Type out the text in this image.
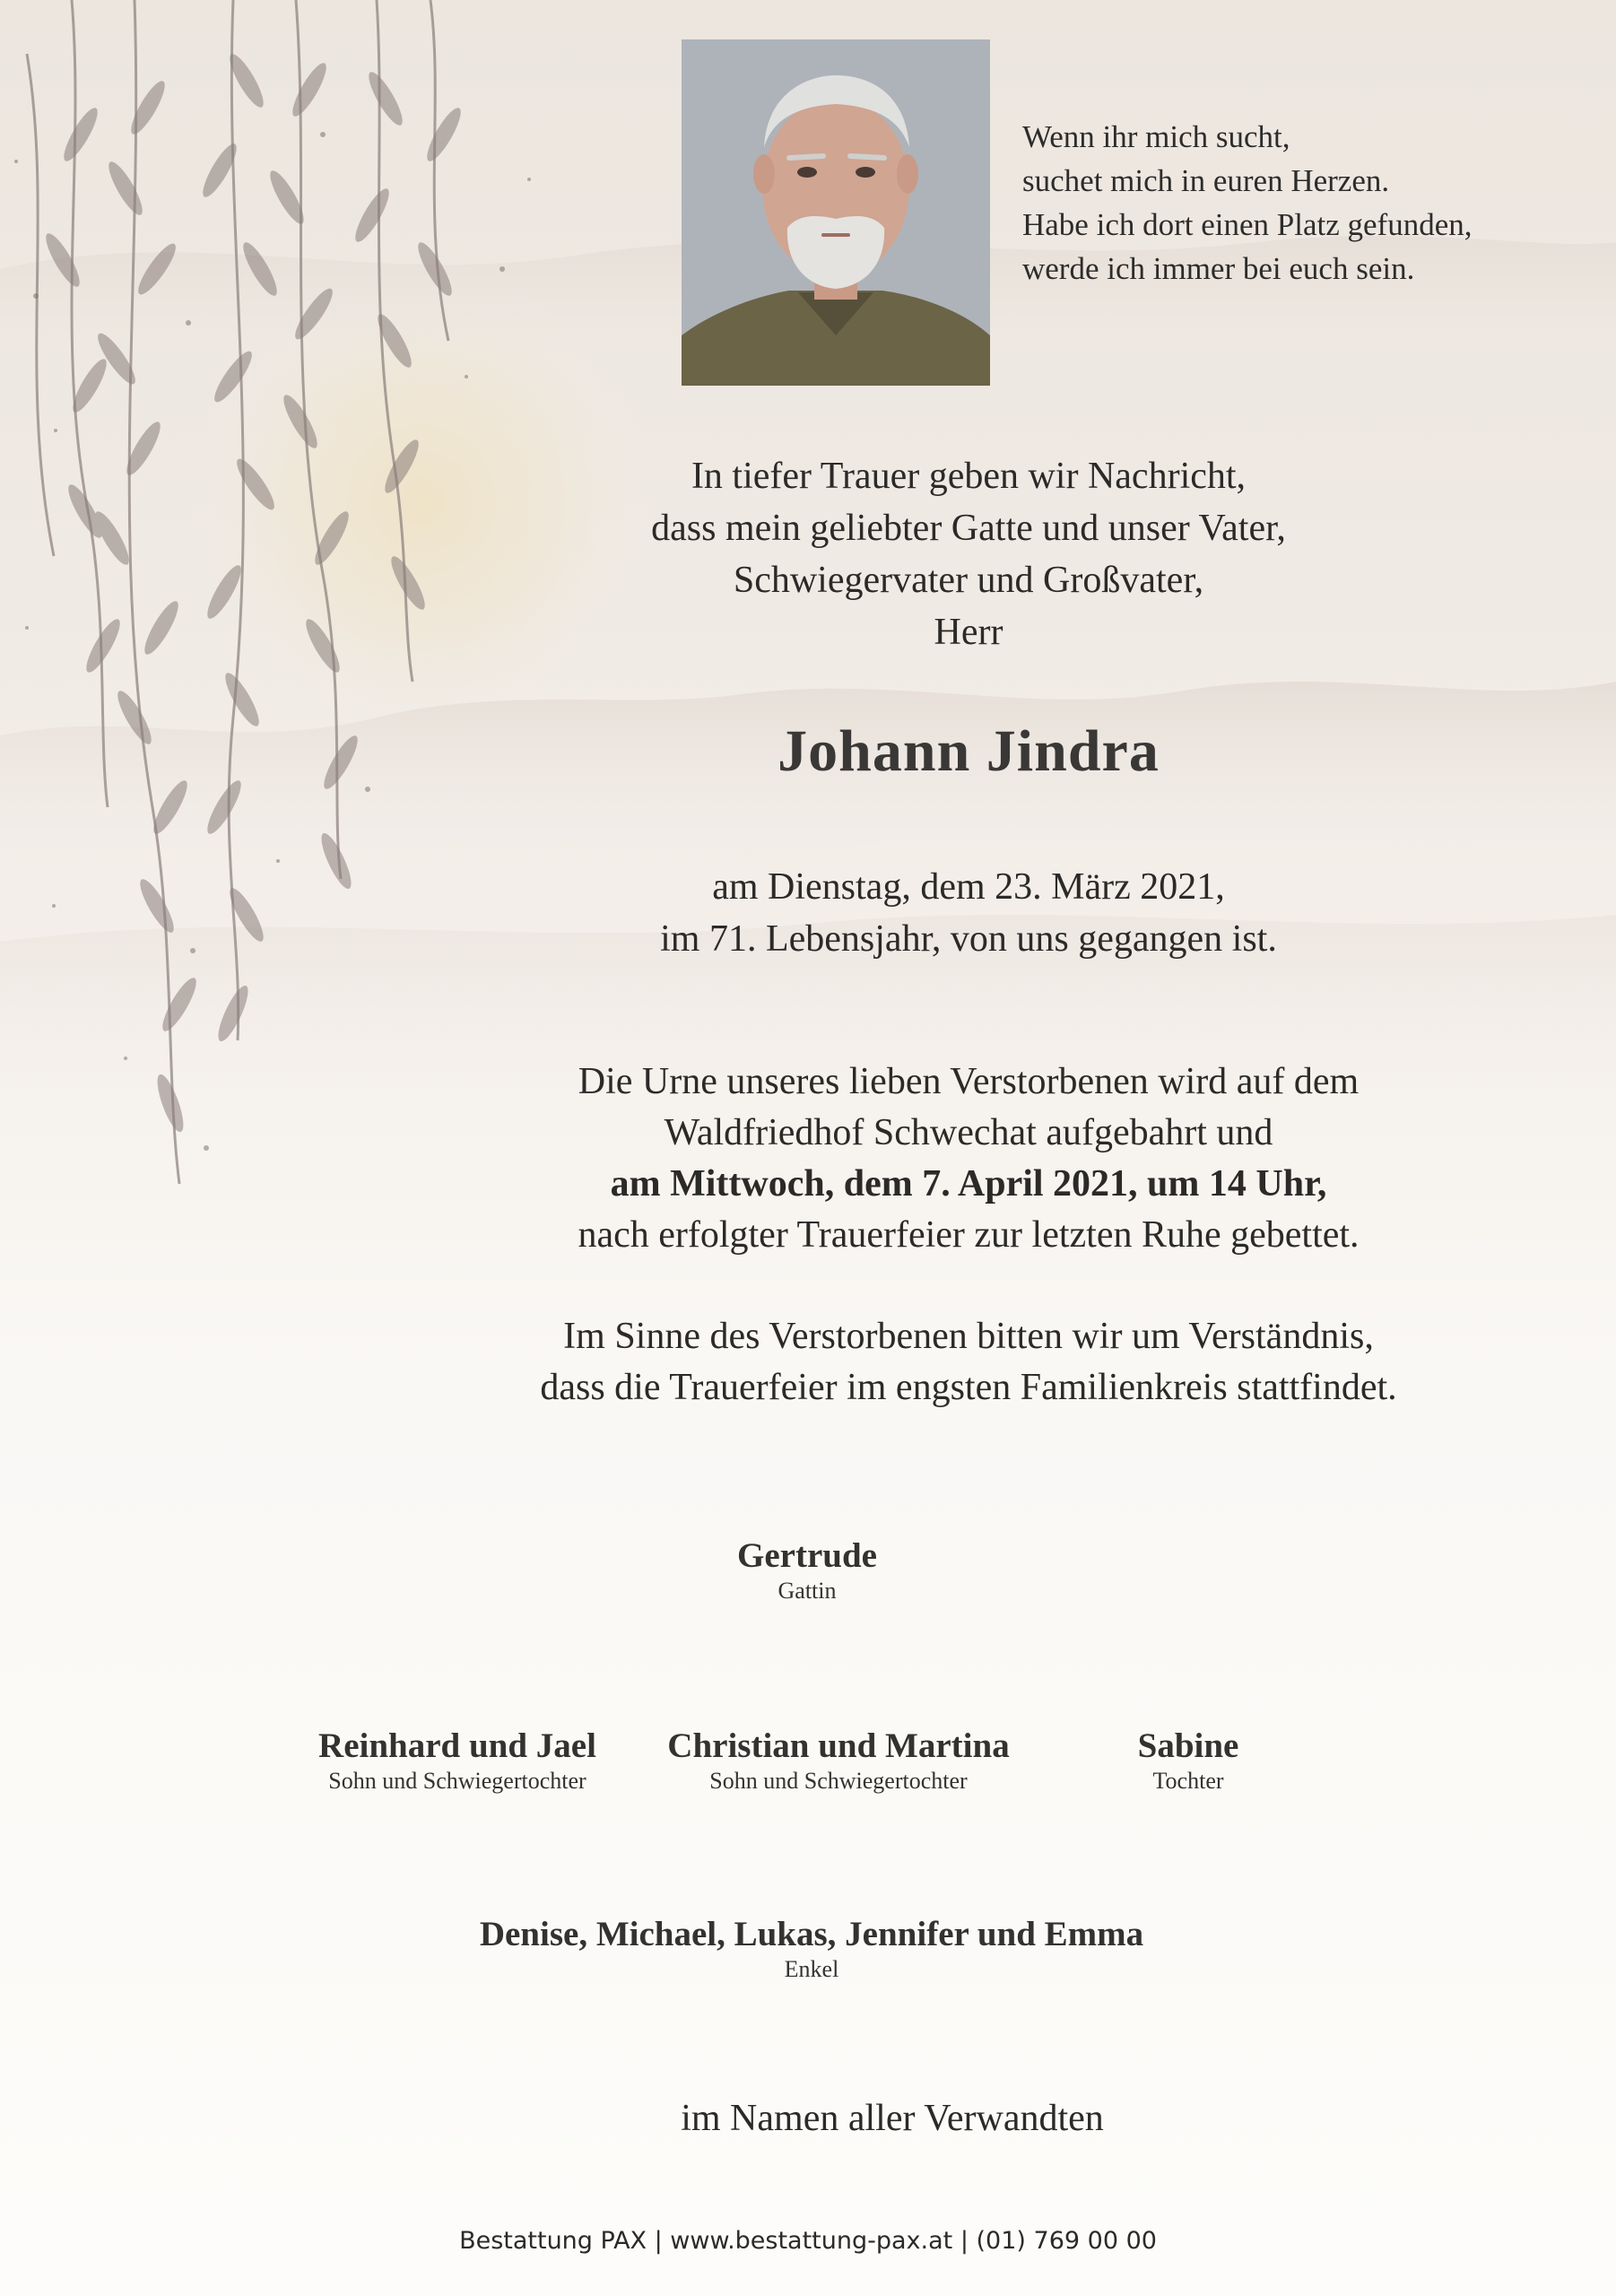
Wenn ihr mich sucht,
suchet mich in euren Herzen.
Habe ich dort einen Platz gefunden,
werde ich immer bei euch sein.
In tiefer Trauer geben wir Nachricht,
dass mein geliebter Gatte und unser Vater,
Schwiegervater und Großvater,
Herr
Johann Jindra
am Dienstag, dem 23. März 2021,
im 71. Lebensjahr, von uns gegangen ist.
Die Urne unseres lieben Verstorbenen wird auf dem
Waldfriedhof Schwechat aufgebahrt und
am Mittwoch, dem 7. April 2021, um 14 Uhr,
nach erfolgter Trauerfeier zur letzten Ruhe gebettet.
Im Sinne des Verstorbenen bitten wir um Verständnis,
dass die Trauerfeier im engsten Familienkreis stattfindet.
Gertrude
Gattin
Reinhard und Jael
Sohn und Schwiegertochter
Christian und Martina
Sohn und Schwiegertochter
Sabine
Tochter
Denise, Michael, Lukas, Jennifer und Emma
Enkel
im Namen aller Verwandten
Bestattung PAX | www.bestattung-pax.at | (01) 769 00 00
